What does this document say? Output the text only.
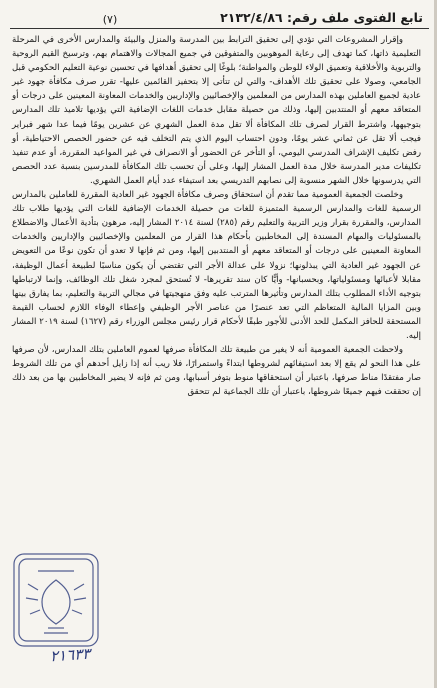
تابع الفتوى ملف رقم: ٢١٣٢/٤/٨٦
(٧)

وإقرار المشروعات التي تؤدي إلى تحقيق الترابط بين المدرسة والمنزل والبيئة والمدارس الأخرى في المرحلة التعليمية ذاتها، كما تهدف إلى رعاية الموهوبين والمتفوقين في جميع المجالات والاهتمام بهم، وترسيخ القيم الروحية والتربوية والأخلاقية وتعميق الولاء للوطن والمواطنة؛ بلوغًا إلى تحقيق أهدافها في تحسين نوعية التعليم الحكومي قبل الجامعي، وصولا على تحقيق تلك الأهداف- والتي لن تتأتى إلا بتحفيز القائمين عليها- تقرر صرف مكافأة جهود غير عادية لجميع العاملين بهذه المدارس من المعلمين والإخصائيين والإداريين والخدمات المعاونة المعينين على درجات أو المتعاقد معهم أو المنتدبين إليها، وذلك من حصيلة مقابل خدمات اللغات الإضافية التي يؤديها تلاميذ تلك المدارس بتوجيهها، واشترط القرار لصرف تلك المكافأة ألا تقل مدة العمل الشهري عن عشرين يومًا فيما عدا شهر فبراير فيجب ألا تقل عن ثماني عشر يومًا، ودون احتساب اليوم الذي يتم التخلف فيه عن حضور الحصص الاحتياطية، أو رفض تكليف الإشراف المدرسي اليومي، أو التأخر عن الحضور أو الانصراف في غير المواعيد المقررة، أو عدم تنفيذ تكليفات مدير المدرسة خلال مدة العمل المشار إليها، وعلى أن تحسب تلك المكافأة للمدرسين بنسبة عدد الحصص التي يدرسونها خلال الشهر منسوبة إلى نصابهم التدريسي بعد استيفاء عدد أيام العمل الشهري.

وخلصت الجمعية العمومية مما تقدم أن استحقاق وصرف مكافأة الجهود غير العادية المقررة للعاملين بالمدارس الرسمية للغات والمدارس الرسمية المتميزة للغات من حصيلة الخدمات الإضافية للغات التي يؤديها طلاب تلك المدارس، والمقررة بقرار وزير التربية والتعليم رقم (٢٨٥) لسنة ٢٠١٤ المشار إليه، مرهون بتأدية الأعمال والاضطلاع بالمسئوليات والمهام المسندة إلى المخاطبين بأحكام هذا القرار من المعلمين والإخصائيين والإداريين والخدمات المعاونة المعينين على درجات أو المتعاقد معهم أو المنتدبين إليها، ومن ثم فإنها لا تعدو أن تكون نوعًا من التعويض عن الجهود غير العادية التي يبذلونها؛ نزولا على عدالة الأجر التي تقتضي أن يكون مناسبًا لطبيعة أعمال الوظيفة، مقابلا لأعبائها ومسئولياتها، وبحسبانها- وأيًّا كان سند تقريرها- لا تُستحق لمجرد شغل تلك الوظائف، وإنما لارتباطها بتوجيه الأداء المطلوب بتلك المدارس وتأثيرها المترتب عليه وفق منهجيتها في مجالي التربية والتعليم، بما يفارق بينها وبين المزايا المالية المتعاظم التي تعد عنصرًا من عناصر الأجر الوظيفي وإعطاء الوفاء اللازم لحساب القيمة المستحقة للحافز المكمل للحد الأدنى للأجور طبقًا لأحكام قرار رئيس مجلس الوزراء رقم (١٦٢٧) لسنة ٢٠١٩ المشار إليه.

ولاحظت الجمعية العمومية أنه لا يغير من طبيعة تلك المكافأة صرفها لعموم العاملين بتلك المدارس، لأن صرفها على هذا النحو لم يقع إلا بعد استيفائهم لشروطها ابتداءً واستمرارًا، فلا ريب أنه إذا زايل أحدهم أي من تلك الشروط صار مفتقدًا مناط صرفها، باعتبار أن استحقاقها منوط بتوفر أسبابها، ومن ثم فإنه لا يضير المخاطبين بها من بعد ذلك إن تحققت فيهم جميعًا شروطها، باعتبار أن تلك الجماعية لم تتحقق

٢١٦٣٣
